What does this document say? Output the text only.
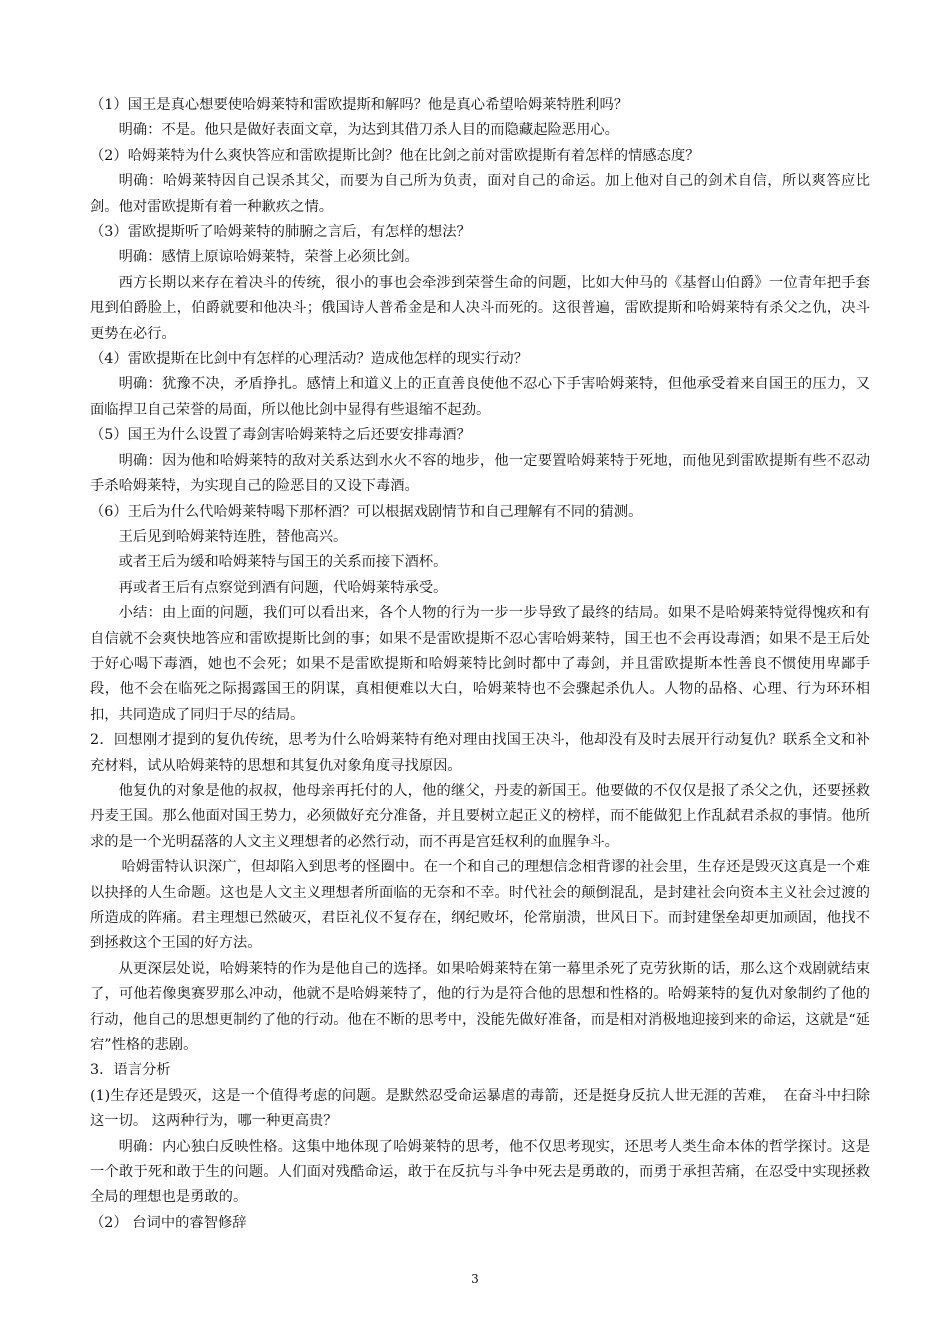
（1）国王是真心想要使哈姆莱特和雷欧提斯和解吗？他是真心希望哈姆莱特胜利吗？

明确：不是。他只是做好表面文章，为达到其借刀杀人目的而隐藏起险恶用心。

（2）哈姆莱特为什么爽快答应和雷欧提斯比剑？他在比剑之前对雷欧提斯有着怎样的情感态度？

明确：哈姆莱特因自己误杀其父，而要为自己所为负责，面对自己的命运。加上他对自己的剑术自信，所以爽答应比剑。他对雷欧提斯有着一种歉疚之情。

（3）雷欧提斯听了哈姆莱特的肺腑之言后，有怎样的想法？

明确：感情上原谅哈姆莱特，荣誉上必须比剑。

西方长期以来存在着决斗的传统，很小的事也会牵涉到荣誉生命的问题，比如大仲马的《基督山伯爵》一位青年把手套甩到伯爵脸上，伯爵就要和他决斗；俄国诗人普希金是和人决斗而死的。这很普遍，雷欧提斯和哈姆莱特有杀父之仇，决斗更势在必行。

（4）雷欧提斯在比剑中有怎样的心理活动？造成他怎样的现实行动？

明确：犹豫不决，矛盾挣扎。感情上和道义上的正直善良使他不忍心下手害哈姆莱特，但他承受着来自国王的压力，又面临捍卫自己荣誉的局面，所以他比剑中显得有些退缩不起劲。

（5）国王为什么设置了毒剑害哈姆莱特之后还要安排毒酒？

明确：因为他和哈姆莱特的敌对关系达到水火不容的地步，他一定要置哈姆莱特于死地，而他见到雷欧提斯有些不忍动手杀哈姆莱特，为实现自己的险恶目的又设下毒酒。

（6）王后为什么代哈姆莱特喝下那杯酒？可以根据戏剧情节和自己理解有不同的猜测。

王后见到哈姆莱特连胜，替他高兴。

或者王后为缓和哈姆莱特与国王的关系而接下酒杯。

再或者王后有点察觉到酒有问题，代哈姆莱特承受。

小结：由上面的问题，我们可以看出来，各个人物的行为一步一步导致了最终的结局。如果不是哈姆莱特觉得愧疚和有自信就不会爽快地答应和雷欧提斯比剑的事；如果不是雷欧提斯不忍心害哈姆莱特，国王也不会再设毒酒；如果不是王后处于好心喝下毒酒，她也不会死；如果不是雷欧提斯和哈姆莱特比剑时都中了毒剑，并且雷欧提斯本性善良不惯使用卑鄙手段，他不会在临死之际揭露国王的阴谋，真相便难以大白，哈姆莱特也不会骤起杀仇人。人物的品格、心理、行为环环相扣，共同造成了同归于尽的结局。

2．回想刚才提到的复仇传统，思考为什么哈姆莱特有绝对理由找国王决斗，他却没有及时去展开行动复仇？联系全文和补充材料，试从哈姆莱特的思想和其复仇对象角度寻找原因。

他复仇的对象是他的叔叔，他母亲再托付的人，他的继父，丹麦的新国王。他要做的不仅仅是报了杀父之仇，还要拯救丹麦王国。那么他面对国王势力，必须做好充分准备，并且要树立起正义的榜样，而不能做犯上作乱弑君杀叔的事情。他所求的是一个光明磊落的人文主义理想者的必然行动，而不再是宫廷权利的血腥争斗。

哈姆雷特认识深广，但却陷入到思考的怪圈中。在一个和自己的理想信念相背谬的社会里，生存还是毁灭这真是一个难以抉择的人生命题。这也是人文主义理想者所面临的无奈和不幸。时代社会的颠倒混乱，是封建社会向资本主义社会过渡的所造成的阵痛。君主理想已然破灭，君臣礼仪不复存在，纲纪败坏，伦常崩溃，世风日下。而封建堡垒却更加顽固，他找不到拯救这个王国的好方法。

从更深层处说，哈姆莱特的作为是他自己的选择。如果哈姆莱特在第一幕里杀死了克劳狄斯的话，那么这个戏剧就结束了，可他若像奥赛罗那么冲动，他就不是哈姆莱特了，他的行为是符合他的思想和性格的。哈姆莱特的复仇对象制约了他的行动，他自己的思想更制约了他的行动。他在不断的思考中，没能先做好准备，而是相对消极地迎接到来的命运，这就是“延宕”性格的悲剧。

3．语言分析

(1)生存还是毁灭，这是一个值得考虑的问题。是默然忍受命运暴虐的毒箭，还是挺身反抗人世无涯的苦难，　在奋斗中扫除这一切。 这两种行为，哪一种更高贵？

明确：内心独白反映性格。这集中地体现了哈姆莱特的思考，他不仅思考现实，还思考人类生命本体的哲学探讨。这是一个敢于死和敢于生的问题。人们面对残酷命运，敢于在反抗与斗争中死去是勇敢的，而勇于承担苦痛，在忍受中实现拯救全局的理想也是勇敢的。

（2） 台词中的睿智修辞

3
